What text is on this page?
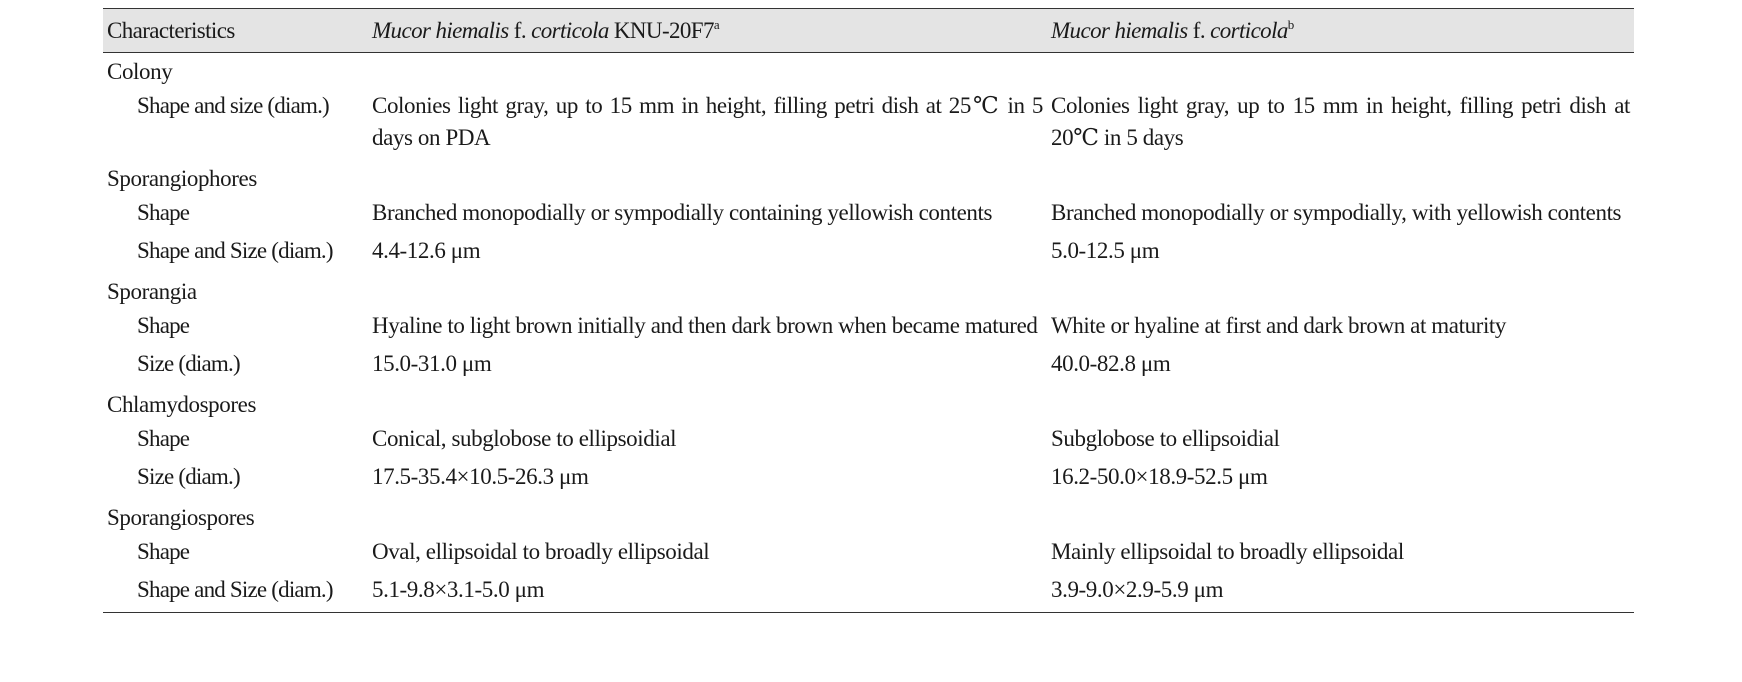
Characteristics	Mucor hiemalis f. corticola KNU-20F7$^a$	Mucor hiemalis f. corticola$^b$
Colony		
Shape and size (diam.)	Colonies light gray, up to 15 mm in height, filling petri dish at 25℃ in 5 days on PDA	Colonies light gray, up to 15 mm in height, filling petri dish at 20℃ in 5 days
Sporangiophores		
Shape	Branched monopodially or sympodially containing yellowish contents	Branched monopodially or sympodially, with yellowish contents
Shape and Size (diam.)	4.4-12.6 μm	5.0-12.5 μm
Sporangia		
Shape	Hyaline to light brown initially and then dark brown when became matured	White or hyaline at first and dark brown at maturity
Size (diam.)	15.0-31.0 μm	40.0-82.8 μm
Chlamydospores		
Shape	Conical, subglobose to ellipsoidial	Subglobose to ellipsoidial
Size (diam.)	17.5-35.4×10.5-26.3 μm	16.2-50.0×18.9-52.5 μm
Sporangiospores		
Shape	Oval, ellipsoidal to broadly ellipsoidal	Mainly ellipsoidal to broadly ellipsoidal
Shape and Size (diam.)	5.1-9.8×3.1-5.0 μm	3.9-9.0×2.9-5.9 μm
